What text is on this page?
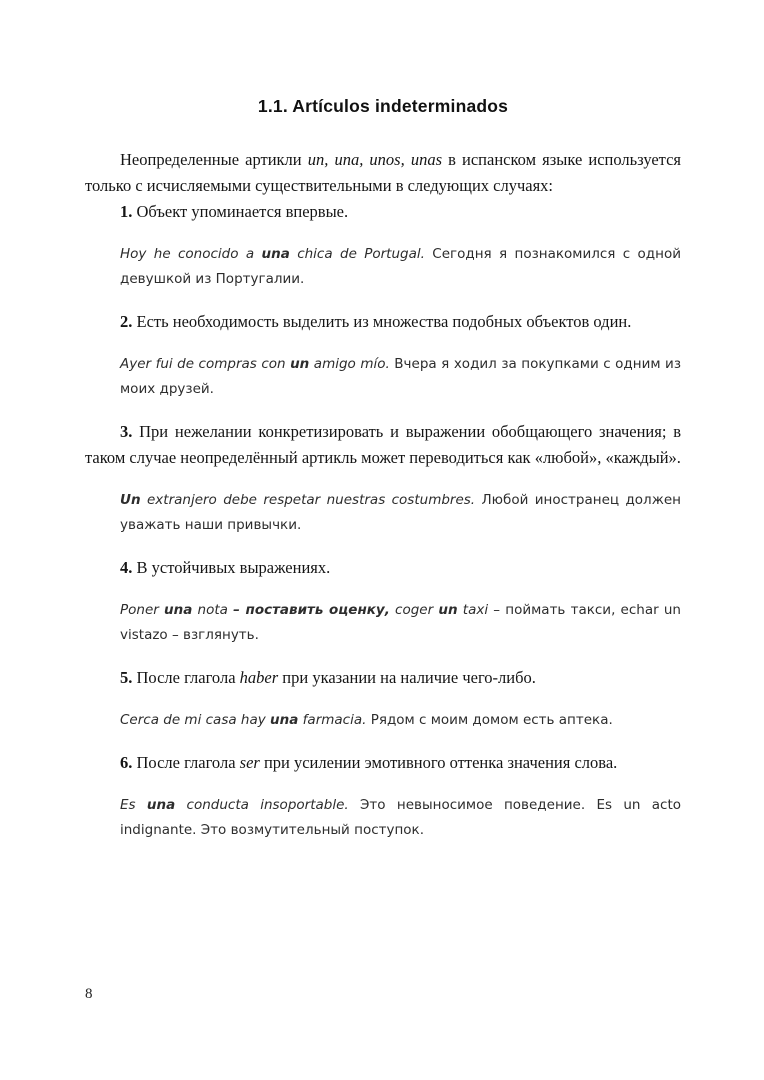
1.1. Artículos indeterminados

Неопределенные артикли un, una, unos, unas в испанском языке используется только с исчисляемыми существительными в следующих случаях:

1. Объект упоминается впервые.

Hoy he conocido a una chica de Portugal. Сегодня я познакомился с одной девушкой из Португалии.

2. Есть необходимость выделить из множества подобных объектов один.

Ayer fui de compras con un amigo mío. Вчера я ходил за покупками с одним из моих друзей.

3. При нежелании конкретизировать и выражении обобщающего значения; в таком случае неопределённый артикль может переводиться как «любой», «каждый».

Un extranjero debe respetar nuestras costumbres. Любой иностранец должен уважать наши привычки.

4. В устойчивых выражениях.

Poner una nota – поставить оценку, coger un taxi – поймать такси, echar un vistazo – взглянуть.

5. После глагола haber при указании на наличие чего-либо.

Cerca de mi casa hay una farmacia. Рядом с моим домом есть аптека.

6. После глагола ser при усилении эмотивного оттенка значения слова.

Es una conducta insoportable. Это невыносимое поведение. Es un acto indignante. Это возмутительный поступок.

8
